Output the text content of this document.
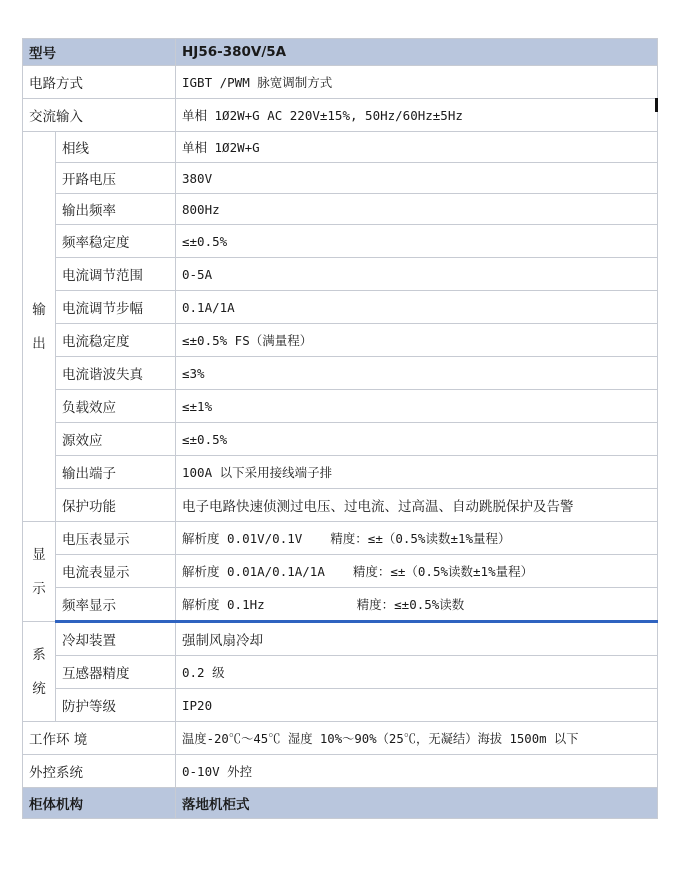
型号		HJ56-380V/5A
电路方式		IGBT /PWM 脉宽调制方式
交流输入		单相 1Ø2W+G AC 220V±15%, 50Hz/60Hz±5Hz

输
出	相线	单相 1Ø2W+G
	开路电压	380V
	输出频率	800Hz
	频率稳定度	≤±0.5%
	电流调节范围	0-5A
	电流调节步幅	0.1A/1A
	电流稳定度	≤±0.5% FS（满量程）
	电流谐波失真	≤3%
	负载效应	≤±1%
	源效应	≤±0.5%
	输出端子	100A 以下采用接线端子排
	保护功能	电子电路快速侦测过电压、过电流、过高温、自动跳脱保护及告警

显
示	电压表显示	解析度 0.01V/0.1V 精度：≤±（0.5%读数±1%量程）
	电流表显示	解析度 0.01A/0.1A/1A 精度：≤±（0.5%读数±1%量程）
	频率显示	解析度 0.1Hz 精度：≤±0.5%读数

系
统	冷却装置	强制风扇冷却
	互感器精度	0.2 级
	防护等级	IP20
工作环 境		温度-20℃～45℃ 湿度 10%～90%（25℃，无凝结）海拔 1500m 以下
外控系统		0-10V 外控
柜体机构		落地机柜式
